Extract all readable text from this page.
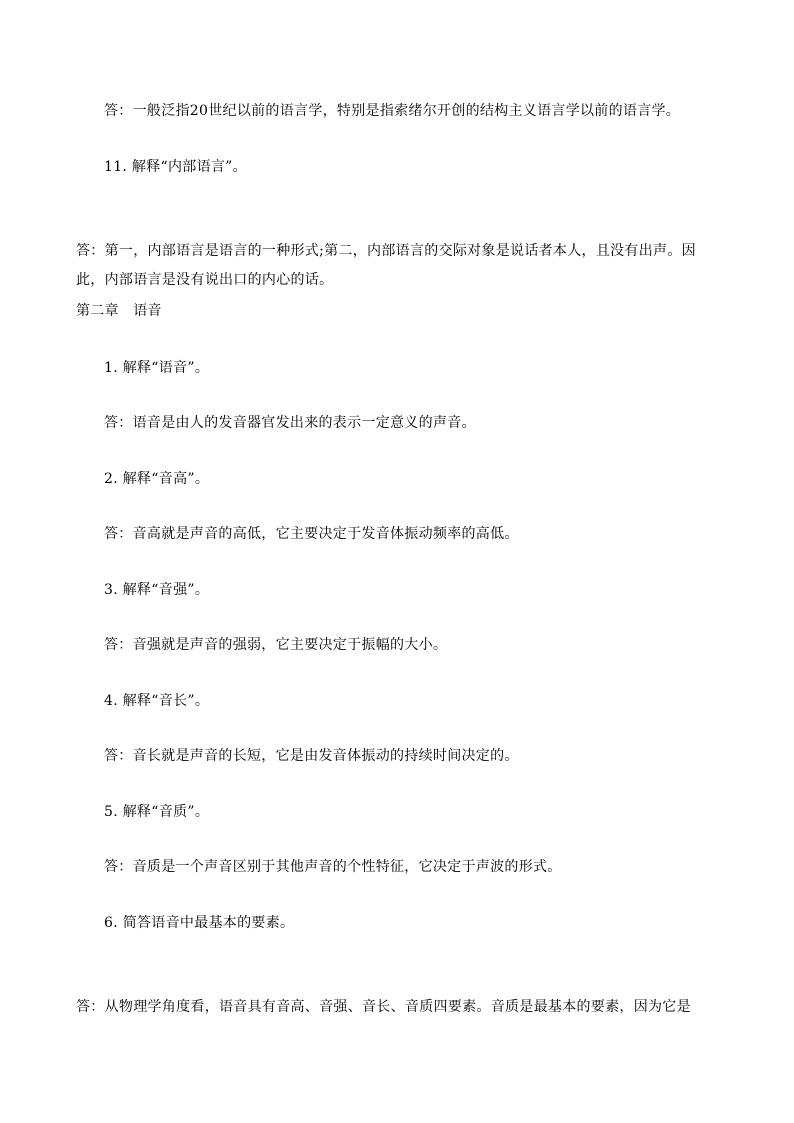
答：一般泛指20世纪以前的语言学，特别是指索绪尔开创的结构主义语言学以前的语言学。
11. 解释“内部语言”。
答：第一，内部语言是语言的一种形式;第二，内部语言的交际对象是说话者本人，且没有出声。因
此，内部语言是没有说出口的内心的话。
第二章　语音
1. 解释“语音”。
答：语音是由人的发音器官发出来的表示一定意义的声音。
2. 解释“音高”。
答：音高就是声音的高低，它主要决定于发音体振动频率的高低。
3. 解释“音强”。
答：音强就是声音的强弱，它主要决定于振幅的大小。
4. 解释“音长”。
答：音长就是声音的长短，它是由发音体振动的持续时间决定的。
5. 解释“音质”。
答：音质是一个声音区别于其他声音的个性特征，它决定于声波的形式。
6. 简答语音中最基本的要素。
答：从物理学角度看，语音具有音高、音强、音长、音质四要素。音质是最基本的要素，因为它是
